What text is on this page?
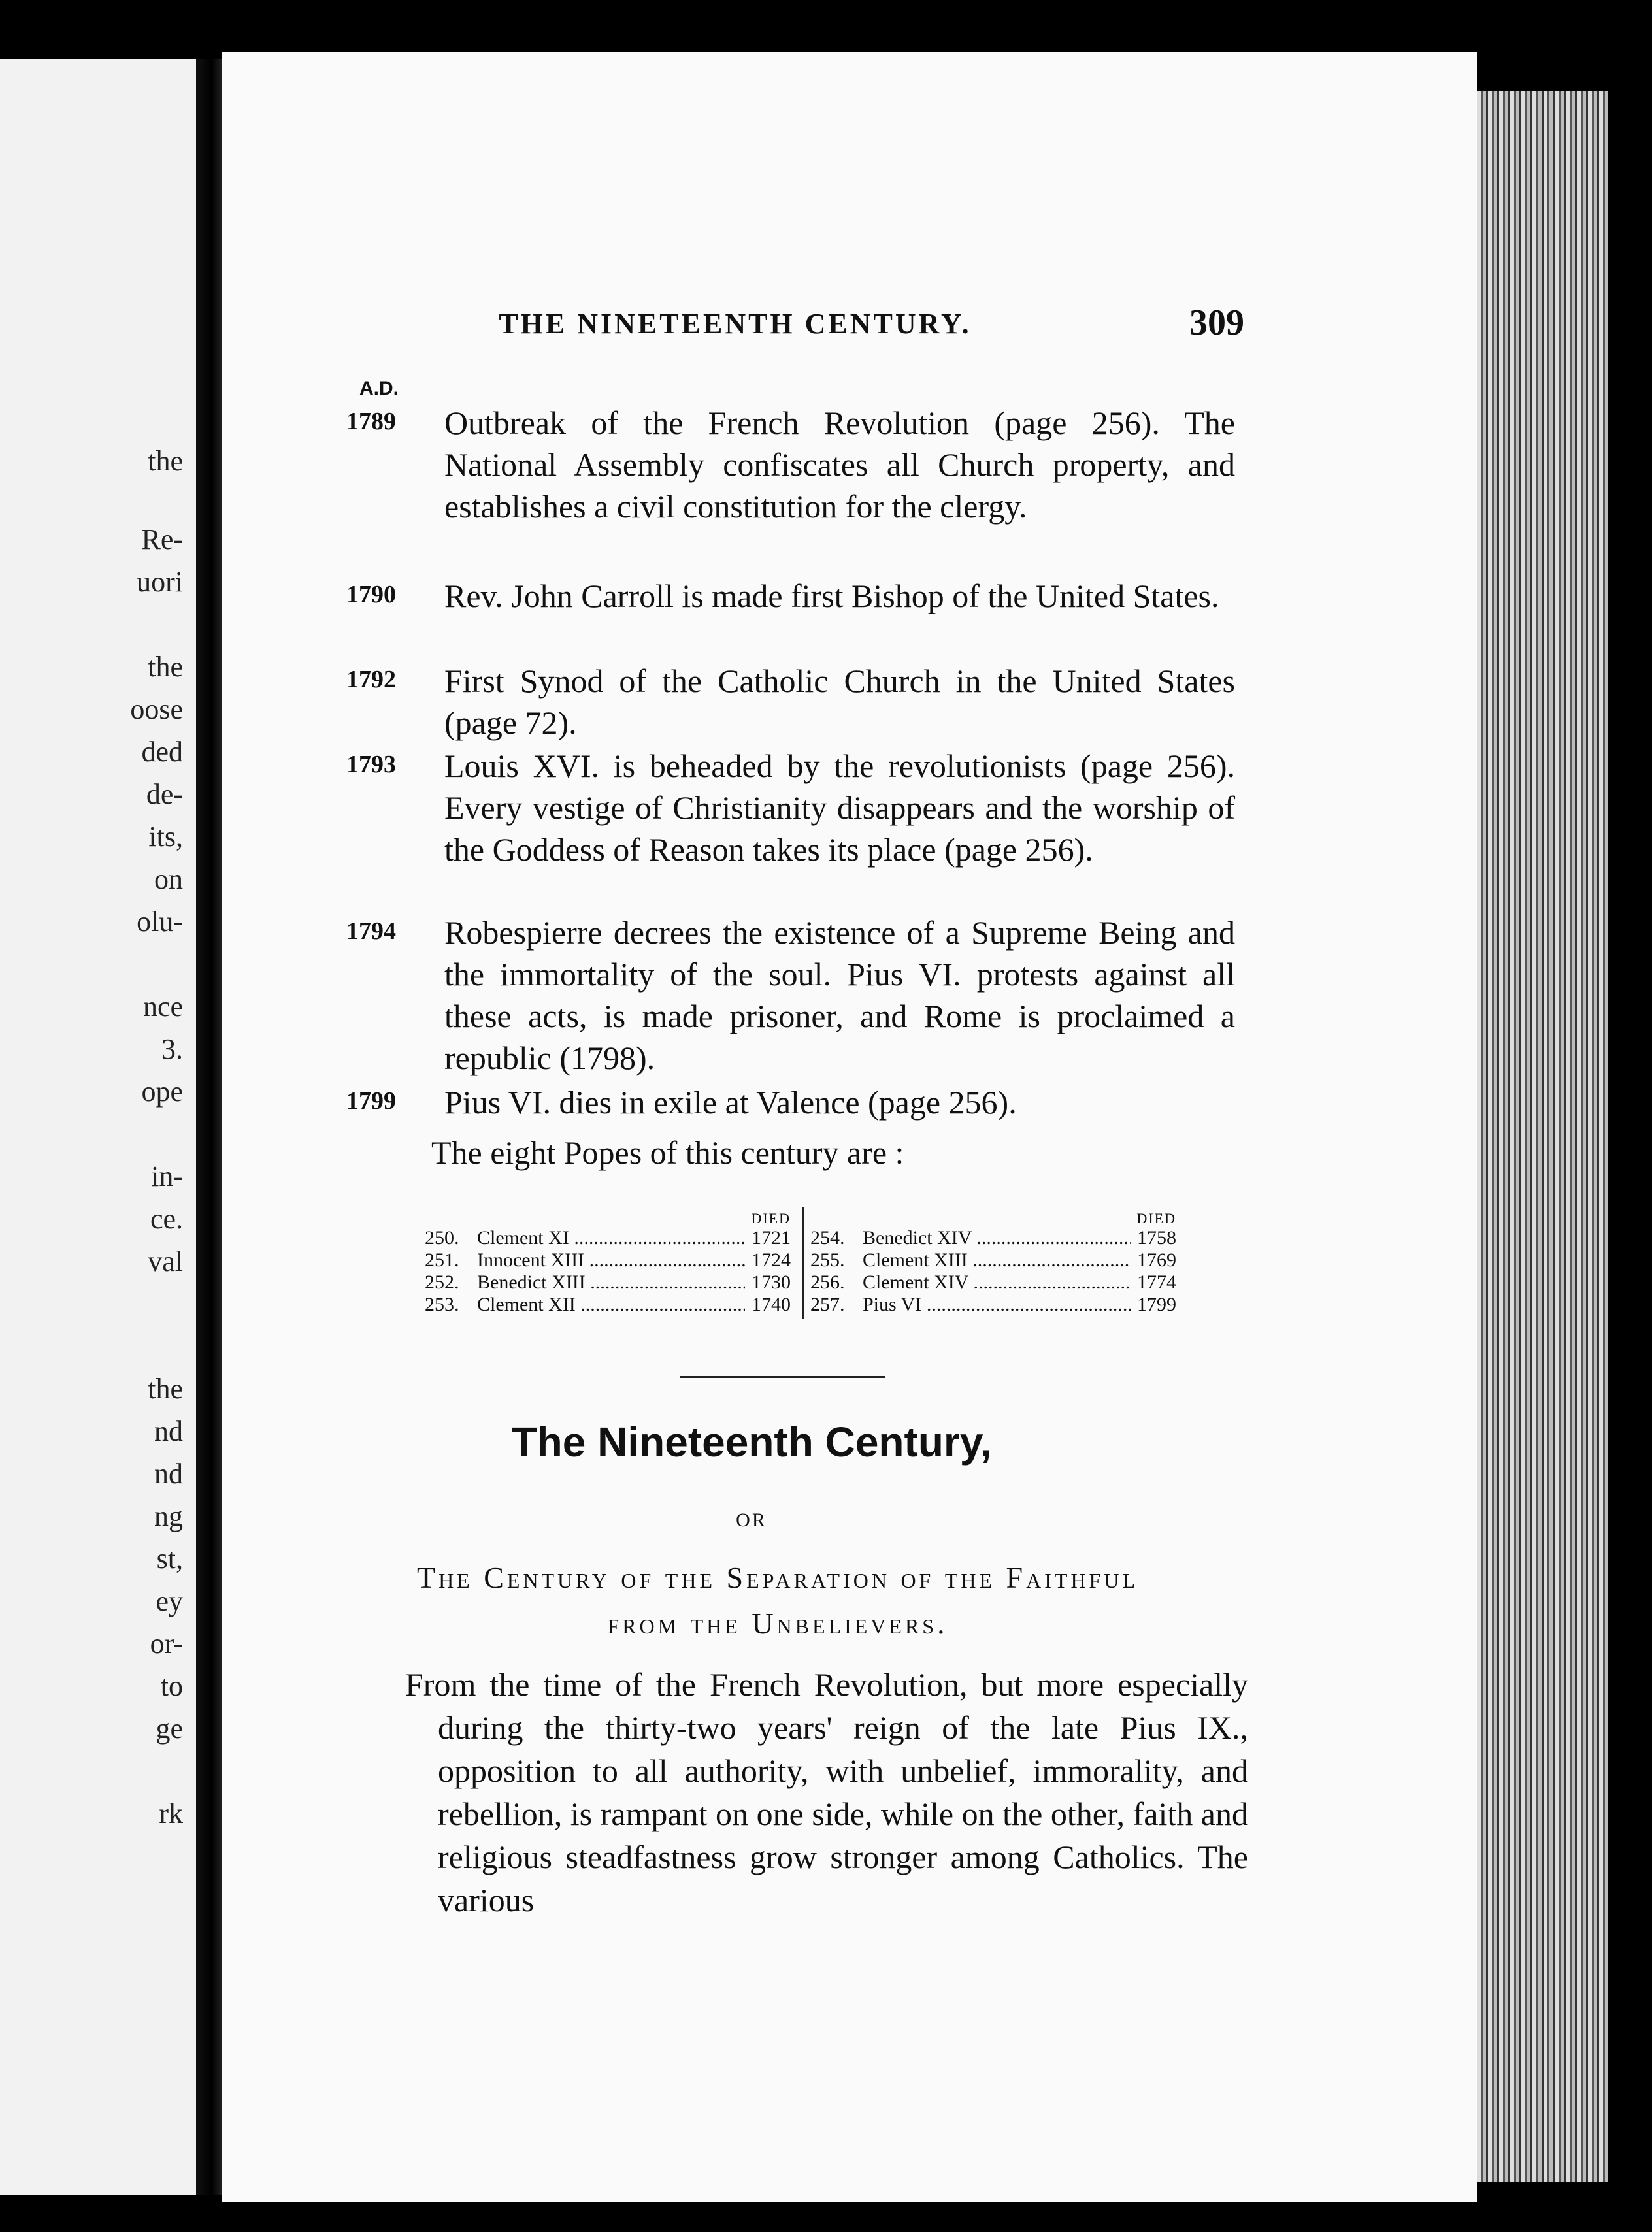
the
Re-
uori
the
oose
ded
de-
its,
on
olu-
nce
3.
ope
in-
ce.
val
the
nd
nd
ng
st,
ey
or-
to
ge
rk
THE NINETEENTH CENTURY.	309
A.D.
1789	Outbreak of the French Revolution (page 256). The National Assembly confiscates all Church property, and establishes a civil constitution for the clergy.
1790	Rev. John Carroll is made first Bishop of the United States.
1792	First Synod of the Catholic Church in the United States (page 72).
1793	Louis XVI. is beheaded by the revolutionists (page 256). Every vestige of Christianity disappears and the worship of the Goddess of Reason takes its place (page 256).
1794	Robespierre decrees the existence of a Supreme Being and the immortality of the soul. Pius VI. protests against all these acts, is made prisoner, and Rome is proclaimed a republic (1798).
1799	Pius VI. dies in exile at Valence (page 256).
The eight Popes of this century are :
DIED
250. Clement XI .....	1721
251. Innocent XIII .....	1724
252. Benedict XIII .....	1730
253. Clement XII .....	1740
DIED
254. Benedict XIV .....	1758
255. Clement XIII .....	1769
256. Clement XIV .....	1774
257. Pius VI .....	1799
The Nineteenth Century,
OR
The Century of the Separation of the Faithful
from the Unbelievers.
From the time of the French Revolution, but more especially during the thirty-two years' reign of the late Pius IX., opposition to all authority, with unbelief, immorality, and rebellion, is rampant on one side, while on the other, faith and religious steadfastness grow stronger among Catholics. The various
